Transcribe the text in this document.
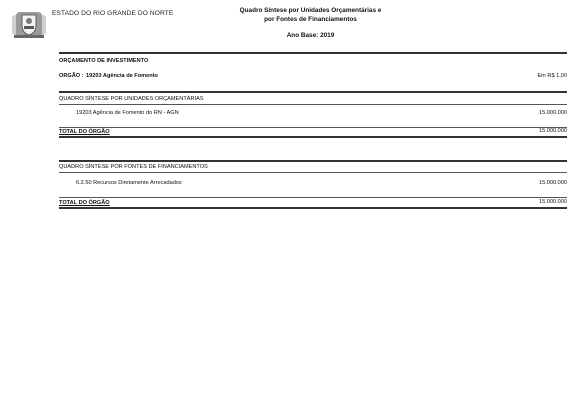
ESTADO DO RIO GRANDE DO NORTE	Quadro Síntese por Unidades Orçamentárias e
por Fontes de Financiamentos
Ano Base: 2019
ORÇAMENTO DE INVESTIMENTO
ORGÃO : 19203 Agência de Fomento	Em R$ 1,00
QUADRO SÍNTESE POR UNIDADES ORÇAMENTÁRIAS
19203 Agência de Fomento do RN - AGN	15.000.000
TOTAL DO ÓRGÃO	15.000.000
QUADRO SÍNTESE POR FONTES DE FINANCIAMENTOS
6.2.50 Recursos Diretamente Arrecadados	15.000.000
TOTAL DO ÓRGÃO	15.000.000
